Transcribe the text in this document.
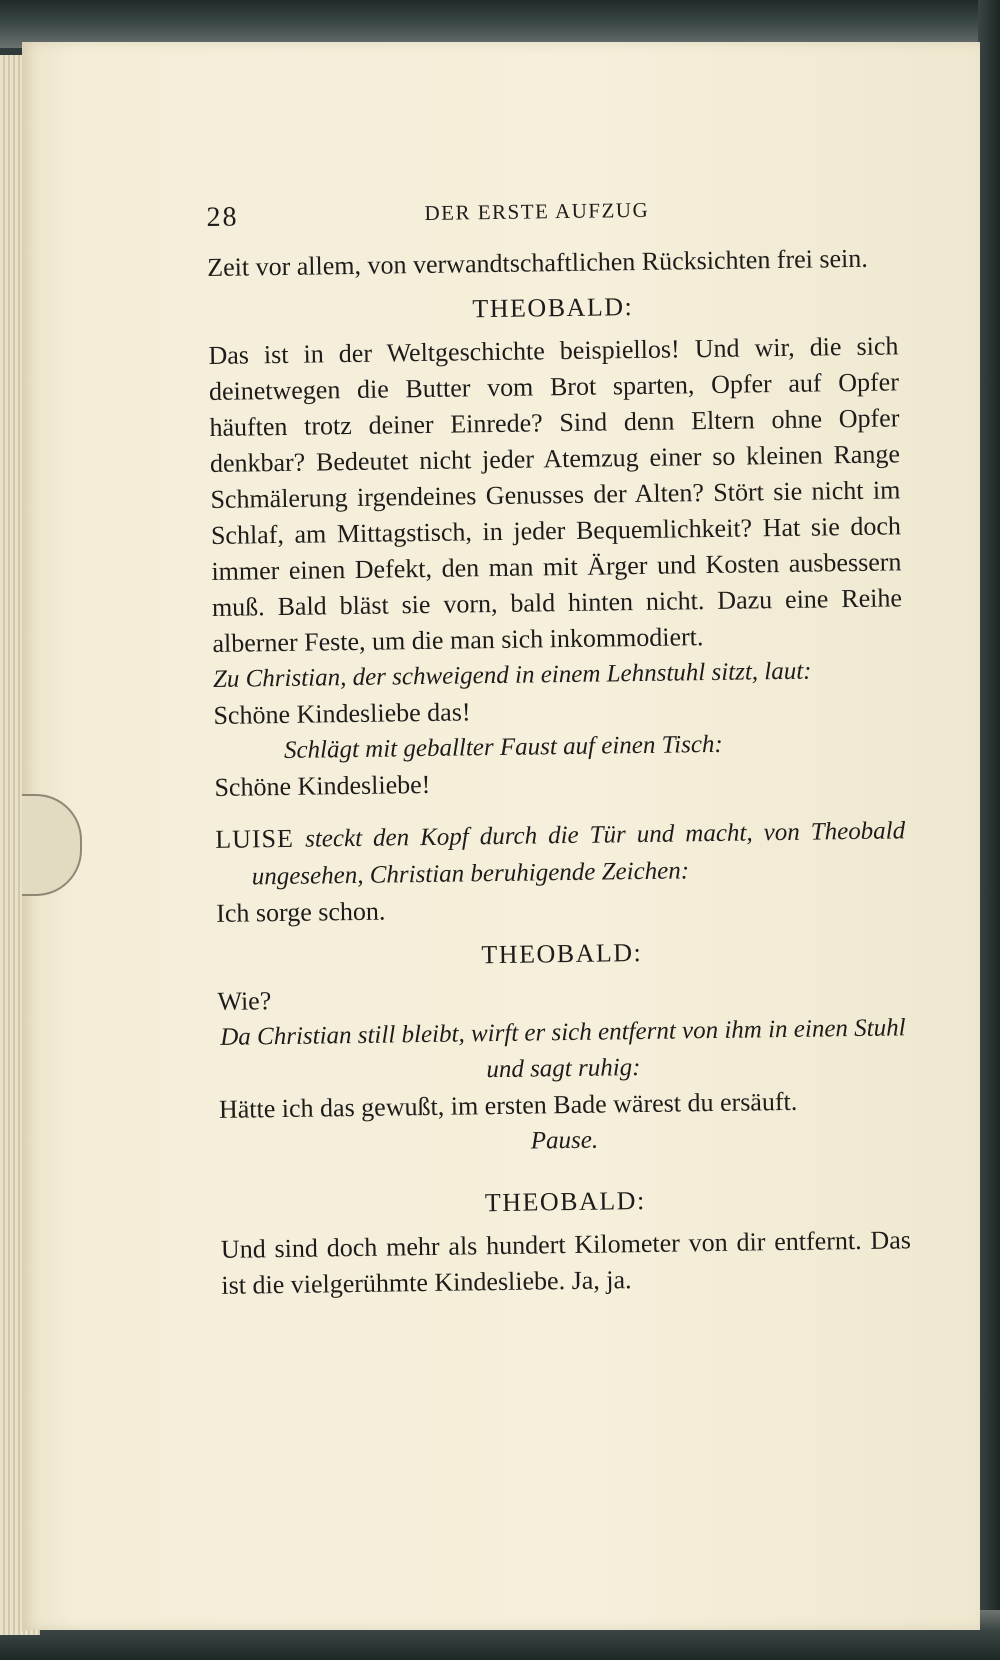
28	DER ERSTE AUFZUG

Zeit vor allem, von verwandtschaftlichen Rücksichten frei sein.

THEOBALD:

Das ist in der Weltgeschichte beispiellos! Und wir, die sich deinetwegen die Butter vom Brot sparten, Opfer auf Opfer häuften trotz deiner Einrede? Sind denn Eltern ohne Opfer denkbar? Bedeutet nicht jeder Atemzug einer so kleinen Range Schmälerung irgendeines Genusses der Alten? Stört sie nicht im Schlaf, am Mittagstisch, in jeder Bequemlichkeit? Hat sie doch immer einen Defekt, den man mit Ärger und Kosten ausbessern muß. Bald bläst sie vorn, bald hinten nicht. Dazu eine Reihe alberner Feste, um die man sich inkommodiert.

Zu Christian, der schweigend in einem Lehnstuhl sitzt, laut:

Schöne Kindesliebe das!

Schlägt mit geballter Faust auf einen Tisch:

Schöne Kindesliebe!

LUISE steckt den Kopf durch die Tür und macht, von Theobald ungesehen, Christian beruhigende Zeichen:

Ich sorge schon.

THEOBALD:

Wie?

Da Christian still bleibt, wirft er sich entfernt von ihm in einen Stuhl und sagt ruhig:

Hätte ich das gewußt, im ersten Bade wärest du ersäuft.

Pause.
THEOBALD:

Und sind doch mehr als hundert Kilometer von dir entfernt. Das ist die vielgerühmte Kindesliebe. Ja, ja.
